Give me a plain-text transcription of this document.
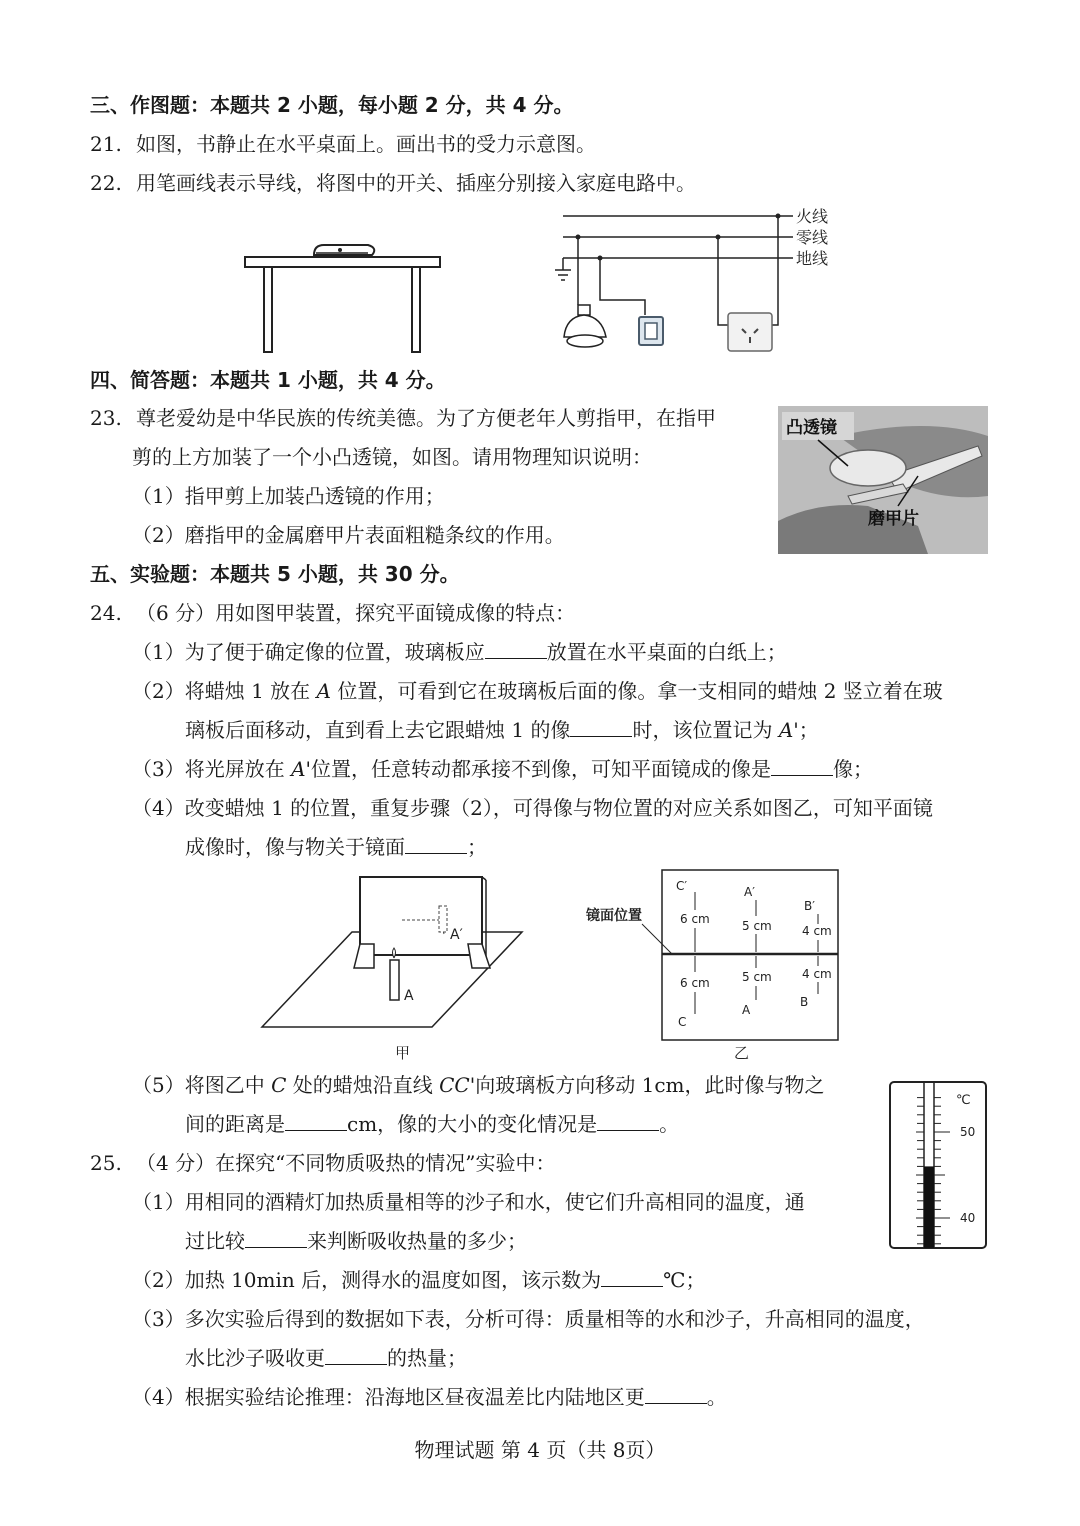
三、作图题：本题共 2 小题，每小题 2 分，共 4 分。
21. 如图，书静止在水平桌面上。画出书的受力示意图。
22. 用笔画线表示导线，将图中的开关、插座分别接入家庭电路中。
火线
零线
地线
四、简答题：本题共 1 小题，共 4 分。
23. 尊老爱幼是中华民族的传统美德。为了方便老年人剪指甲，在指甲
剪的上方加装了一个小凸透镜，如图。请用物理知识说明：
（1）指甲剪上加装凸透镜的作用；
（2）磨指甲的金属磨甲片表面粗糙条纹的作用。
凸透镜
磨甲片
五、实验题：本题共 5 小题，共 30 分。
24. （6 分）用如图甲装置，探究平面镜成像的特点：
（1）为了便于确定像的位置，玻璃板应	放置在水平桌面的白纸上；
（2）将蜡烛 1 放在 A 位置，可看到它在玻璃板后面的像。拿一支相同的蜡烛 2 竖立着在玻
璃板后面移动，直到看上去它跟蜡烛 1 的像	时，该位置记为 A'；
（3）将光屏放在 A'位置，任意转动都承接不到像，可知平面镜成的像是	像；
（4）改变蜡烛 1 的位置，重复步骤（2），可得像与物位置的对应关系如图乙，可知平面镜
成像时，像与物关于镜面	；
A′
A
甲
镜面位置
C′
6 cm
6 cm
C
A′
5 cm
5 cm
A
B′
4 cm
4 cm
B
乙
（5）将图乙中 C 处的蜡烛沿直线 CC'向玻璃板方向移动 1cm，此时像与物之
间的距离是	cm，像的大小的变化情况是	。
℃
50
40
25. （4 分）在探究“不同物质吸热的情况”实验中：
（1）用相同的酒精灯加热质量相等的沙子和水，使它们升高相同的温度，通
过比较	来判断吸收热量的多少；
（2）加热 10min 后，测得水的温度如图，该示数为	℃；
（3）多次实验后得到的数据如下表，分析可得：质量相等的水和沙子，升高相同的温度，
水比沙子吸收更	的热量；
（4）根据实验结论推理：沿海地区昼夜温差比内陆地区更	。
物理试题 第 4 页（共 8页）
